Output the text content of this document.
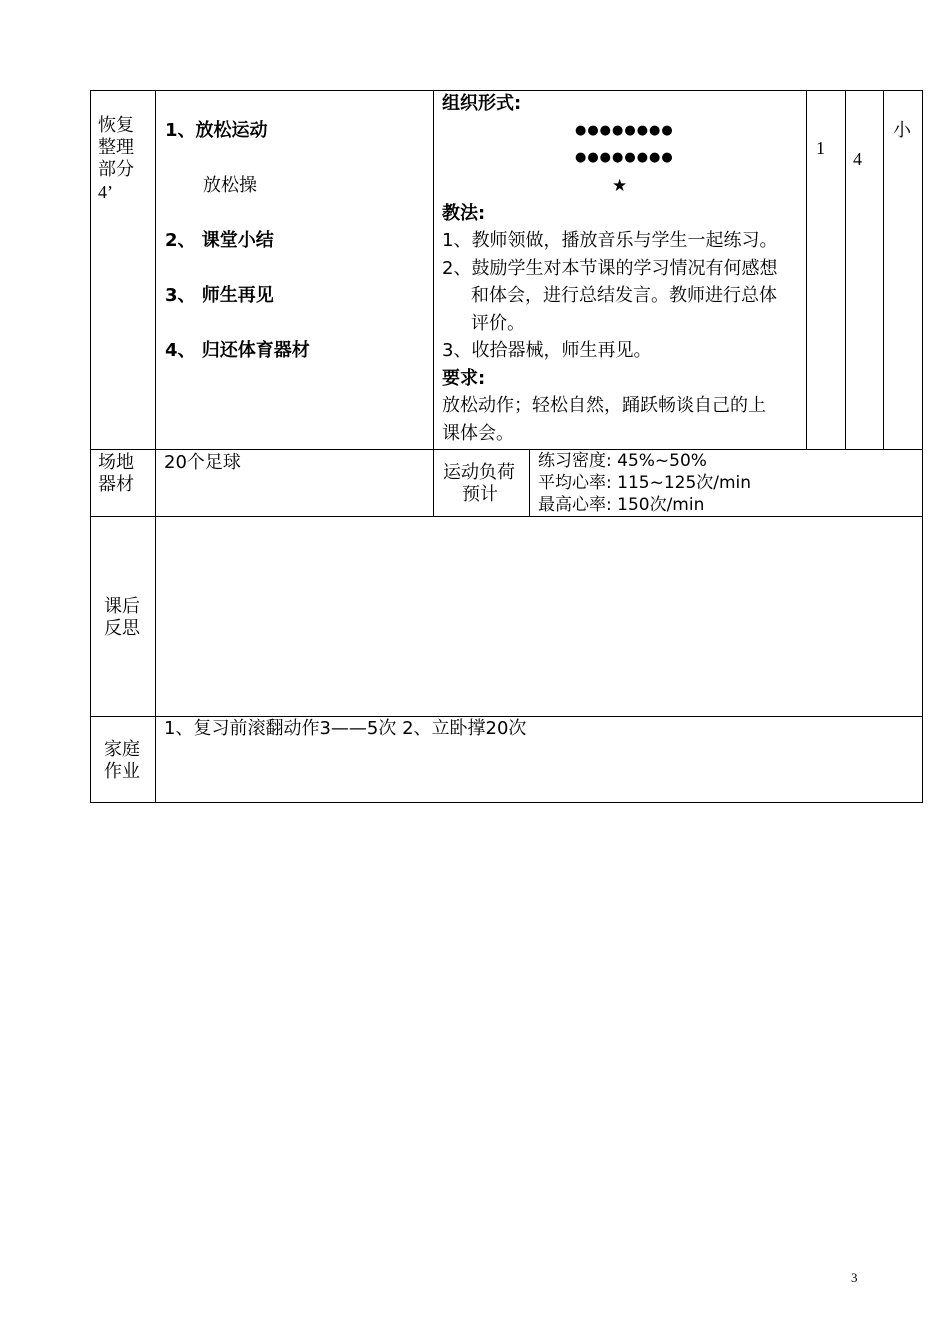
恢复
整理
部分
4’
1、放松运动
放松操
2、 课堂小结
3、 师生再见
4、 归还体育器材
组织形式:
●●●●●●●●
●●●●●●●●
★
教法:
1、教师领做，播放音乐与学生一起练习。
2、鼓励学生对本节课的学习情况有何感想
和体会，进行总结发言。教师进行总体
评价。
3、收拾器械，师生再见。
要求:
放松动作；轻松自然，踊跃畅谈自己的上
课体会。
1
4
小
场地
器材
20个足球	运动负荷
预计
练习密度: 45%~50%
平均心率: 115~125次/min
最高心率: 150次/min
课后
反思
家庭
作业
1、复习前滚翻动作3——5次 2、立卧撑20次
3
